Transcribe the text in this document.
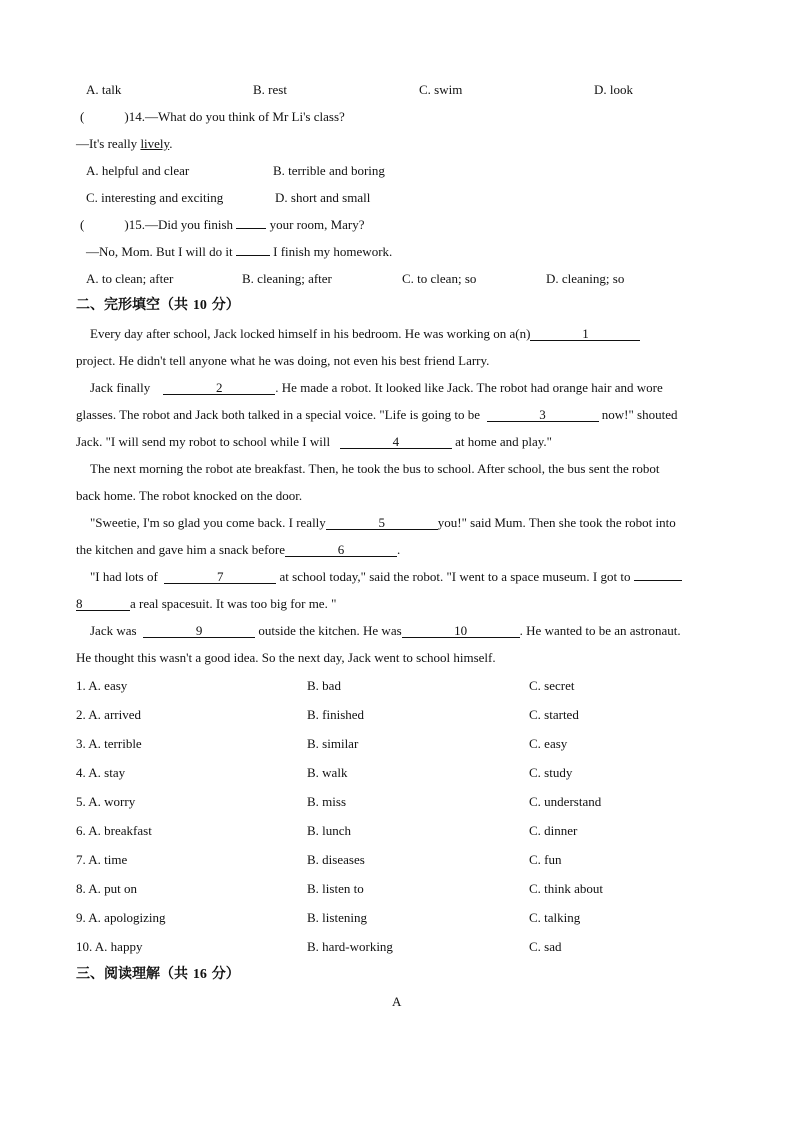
A. talk	B. rest	C. swim	D. look
(	)14.—What do you think of Mr Li's class?
—It's really lively.
A. helpful and clear	B. terrible and boring
C. interesting and exciting	D. short and small
(	)15.—Did you finish  your room, Mary?
—No, Mom. But I will do it	I finish my homework.
A. to clean; after	B. cleaning; after	C. to clean; so	D. cleaning; so
二、完形填空（共 10 分）
Every day after school, Jack locked himself in his bedroom. He was working on a(n)	1
project. He didn't tell anyone what he was doing, not even his best friend Larry.
Jack finally	2	. He made a robot. It looked like Jack. The robot had orange hair and wore
glasses. The robot and Jack both talked in a special voice. "Life is going to be	3	now!" shouted
Jack. "I will send my robot to school while I will	4	at home and play."
The next morning the robot ate breakfast. Then, he took the bus to school. After school, the bus sent the robot
back home. The robot knocked on the door.
"Sweetie, I'm so glad you come back. I really	5	you!" said Mum. Then she took the robot into
the kitchen and gave him a snack before	6	.
"I had lots of	7	at school today," said the robot. "I went to a space museum. I got to
8	a real spacesuit. It was too big for me. "
Jack was	9	outside the kitchen. He was	10	. He wanted to be an astronaut.
He thought this wasn't a good idea. So the next day, Jack went to school himself.
1. A. easy	B. bad	C. secret
2. A. arrived	B. finished	C. started
3. A. terrible	B. similar	C. easy
4. A. stay	B. walk	C. study
5. A. worry	B. miss	C. understand
6. A. breakfast	B. lunch	C. dinner
7. A. time	B. diseases	C. fun
8. A. put on	B. listen to	C. think about
9. A. apologizing	B. listening	C. talking
10. A. happy	B. hard-working	C. sad
三、阅读理解（共 16 分）
A
